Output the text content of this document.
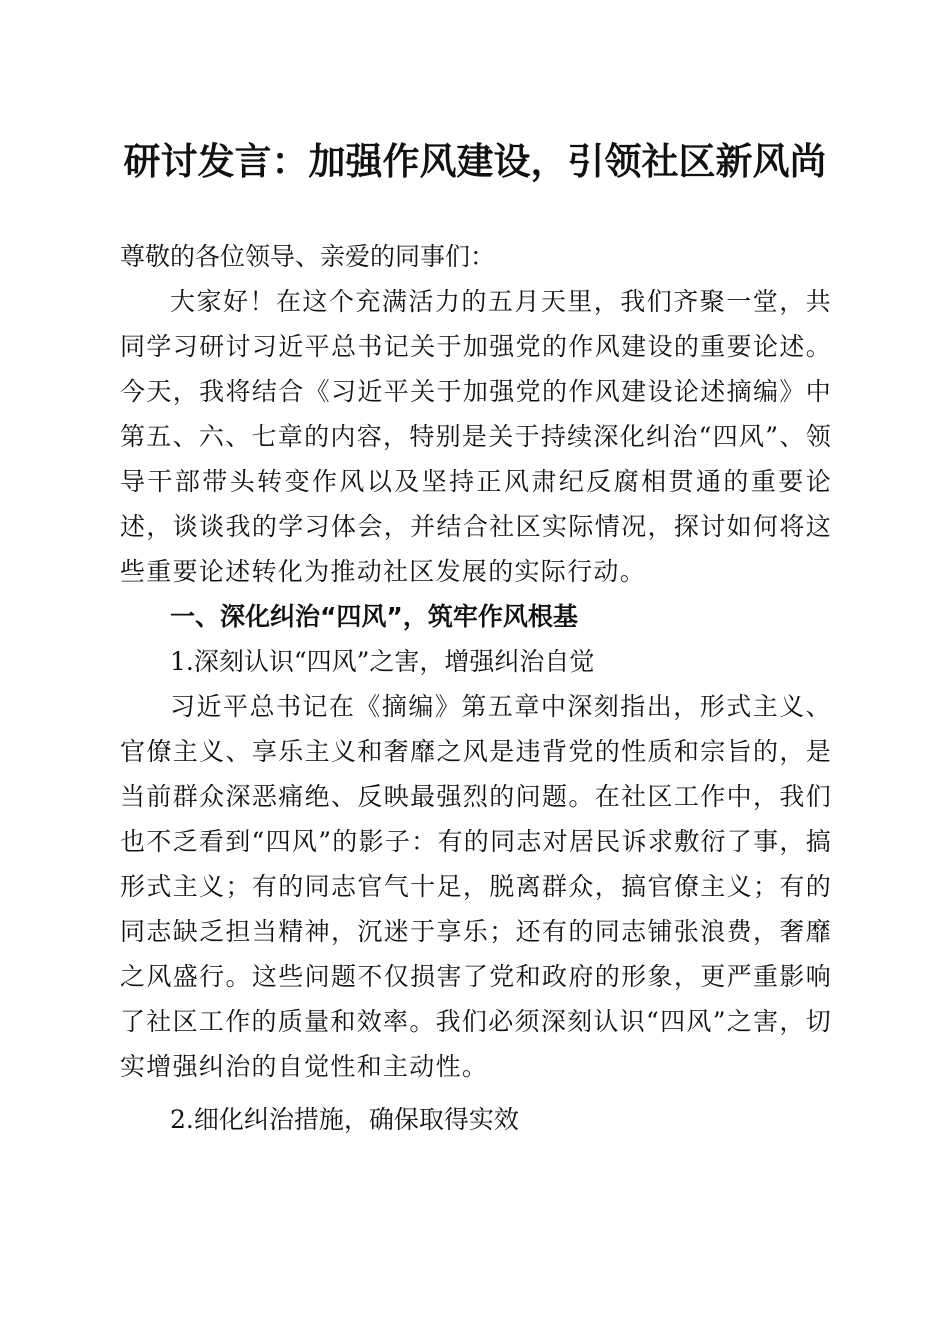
研讨发言：加强作风建设，引领社区新风尚

尊敬的各位领导、亲爱的同事们：

大家好！在这个充满活力的五月天里，我们齐聚一堂，共同学习研讨习近平总书记关于加强党的作风建设的重要论述。今天，我将结合《习近平关于加强党的作风建设论述摘编》中第五、六、七章的内容，特别是关于持续深化纠治“四风”、领导干部带头转变作风以及坚持正风肃纪反腐相贯通的重要论述，谈谈我的学习体会，并结合社区实际情况，探讨如何将这些重要论述转化为推动社区发展的实际行动。

一、深化纠治“四风”，筑牢作风根基

1.深刻认识“四风”之害，增强纠治自觉

习近平总书记在《摘编》第五章中深刻指出，形式主义、官僚主义、享乐主义和奢靡之风是违背党的性质和宗旨的，是当前群众深恶痛绝、反映最强烈的问题。在社区工作中，我们也不乏看到“四风”的影子：有的同志对居民诉求敷衍了事，搞形式主义；有的同志官气十足，脱离群众，搞官僚主义；有的同志缺乏担当精神，沉迷于享乐；还有的同志铺张浪费，奢靡之风盛行。这些问题不仅损害了党和政府的形象，更严重影响了社区工作的质量和效率。我们必须深刻认识“四风”之害，切实增强纠治的自觉性和主动性。

2.细化纠治措施，确保取得实效
